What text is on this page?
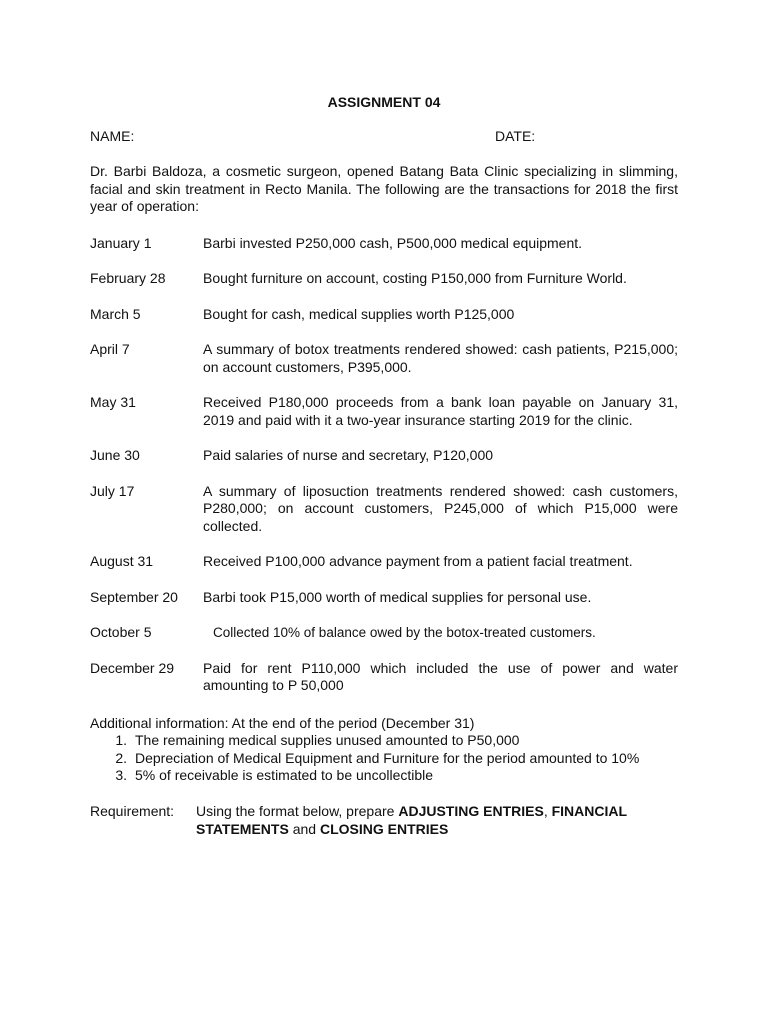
ASSIGNMENT 04
NAME:	DATE:

Dr. Barbi Baldoza, a cosmetic surgeon, opened Batang Bata Clinic specializing in slimming, facial and skin treatment in Recto Manila. The following are the transactions for 2018 the first year of operation:

January 1	Barbi invested P250,000 cash, P500,000 medical equipment.
February 28	Bought furniture on account, costing P150,000 from Furniture World.
March 5	Bought for cash, medical supplies worth P125,000
April 7	A summary of botox treatments rendered showed: cash patients, P215,000; on account customers, P395,000.
May 31	Received P180,000 proceeds from a bank loan payable on January 31, 2019 and paid with it a two-year insurance starting 2019 for the clinic.
June 30	Paid salaries of nurse and secretary, P120,000
July 17	A summary of liposuction treatments rendered showed: cash customers, P280,000; on account customers, P245,000 of which P15,000 were collected.
August 31	Received P100,000 advance payment from a patient facial treatment.
September 20	Barbi took P15,000 worth of medical supplies for personal use.
October 5	Collected 10% of balance owed by the botox-treated customers.
December 29	Paid for rent P110,000 which included the use of power and water amounting to P 50,000
Additional information: At the end of the period (December 31)
1. The remaining medical supplies unused amounted to P50,000
2. Depreciation of Medical Equipment and Furniture for the period amounted to 10%
3. 5% of receivable is estimated to be uncollectible
Requirement:	Using the format below, prepare ADJUSTING ENTRIES, FINANCIAL STATEMENTS and CLOSING ENTRIES
